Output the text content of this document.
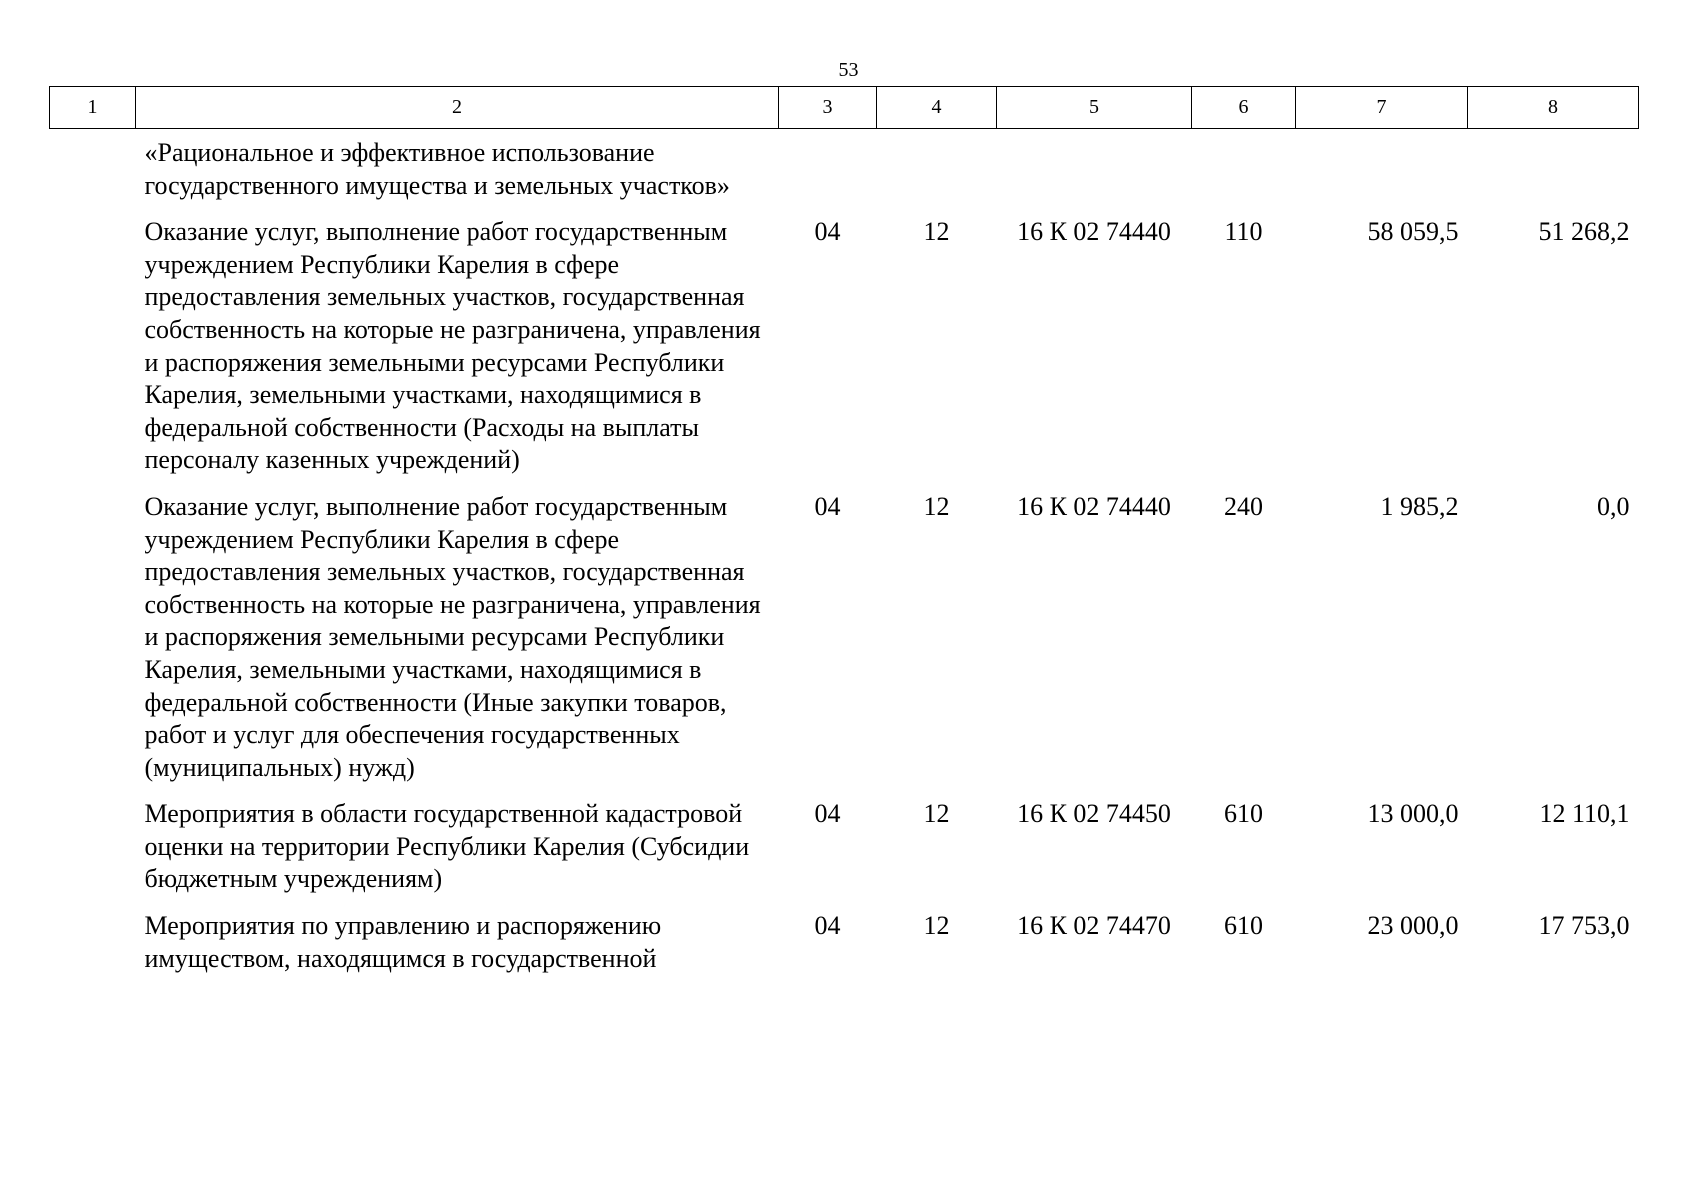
53
1	2	3	4	5	6	7	8
	«Рациональное и эффективное использование государственного имущества и земельных участков»						
	Оказание услуг, выполнение работ государственным учреждением Республики Карелия в сфере предоставления земельных участков, государственная собственность на которые не разграничена, управления и распоряжения земельными ресурсами Республики Карелия, земельными участками, находящимися в федеральной собственности (Расходы на выплаты персоналу казенных учреждений)	04	12	16 К 02 74440	110	58 059,5	51 268,2
	Оказание услуг, выполнение работ государственным учреждением Республики Карелия в сфере предоставления земельных участков, государственная собственность на которые не разграничена, управления и распоряжения земельными ресурсами Республики Карелия, земельными участками, находящимися в федеральной собственности (Иные закупки товаров, работ и услуг для обеспечения государственных (муниципальных) нужд)	04	12	16 К 02 74440	240	1 985,2	0,0
	Мероприятия в области государственной кадастровой оценки на территории Республики Карелия (Субсидии бюджетным учреждениям)	04	12	16 К 02 74450	610	13 000,0	12 110,1
	Мероприятия по управлению и распоряжению имуществом, находящимся в государственной	04	12	16 К 02 74470	610	23 000,0	17 753,0
